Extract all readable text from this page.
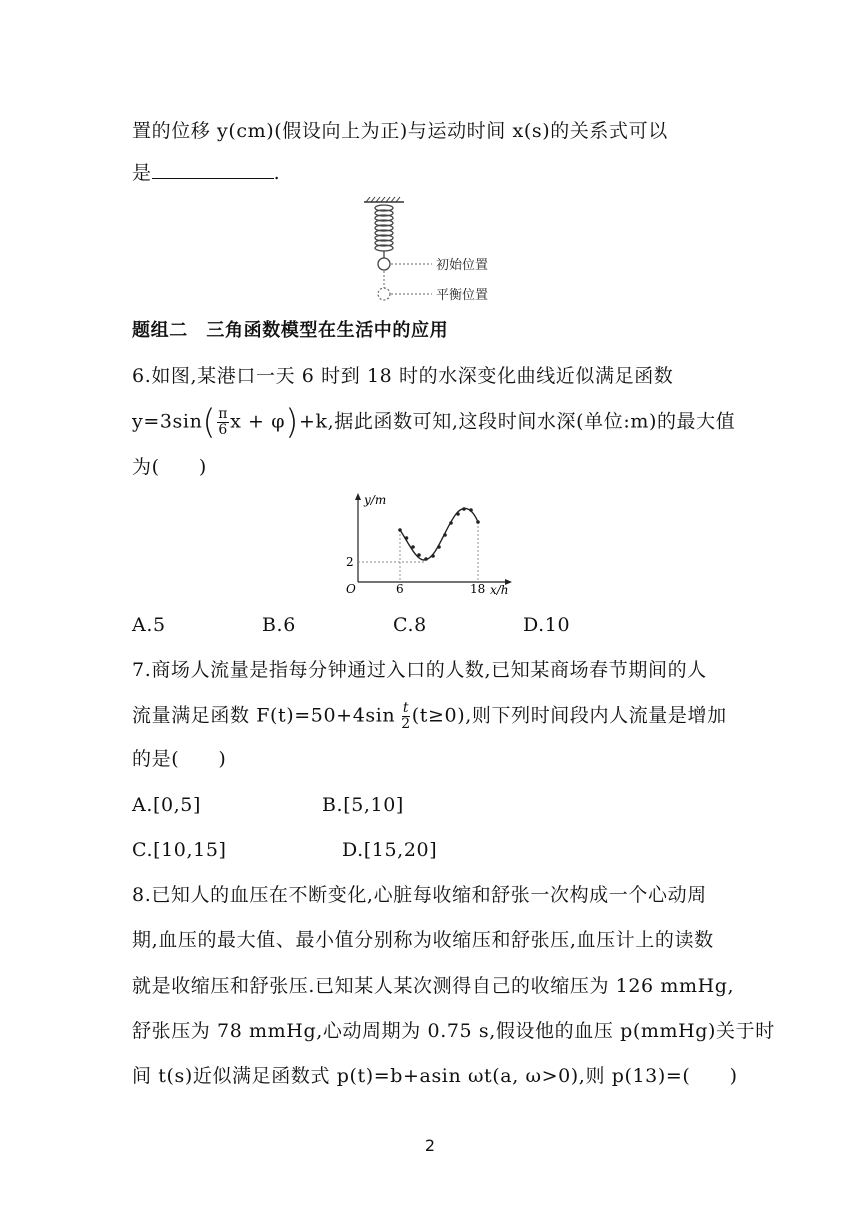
置的位移 y(cm)(假设向上为正)与运动时间 x(s)的关系式可以
是	.
初始位置
平衡位置
题组二　三角函数模型在生活中的应用
6.如图,某港口一天 6 时到 18 时的水深变化曲线近似满足函数
$y=3\sin( \frac{\pi}{6}$ x + φ)+k,据此函数可知,这段时间水深(单位:m)的最大值
为(　　)
y/m
x/h
O	6	18
2
A.5	B.6	C.8	D.10
7.商场人流量是指每分钟通过入口的人数,已知某商场春节期间的人
流量满足函数 $F(t)=50+4\sin \frac{t}{2} (t\ge 0)$,则下列时间段内人流量是增加
的是(　　)
A.[0,5]	B.[5,10]
C.[10,15]	D.[15,20]
8.已知人的血压在不断变化,心脏每收缩和舒张一次构成一个心动周
期,血压的最大值、最小值分别称为收缩压和舒张压,血压计上的读数
就是收缩压和舒张压.已知某人某次测得自己的收缩压为 126 mmHg,
舒张压为 78 mmHg,心动周期为 0.75 s,假设他的血压 p(mmHg)关于时
间 t(s)近似满足函数式 p(t)=b+asin ωt(a, ω>0),则 p(13)=(　　)
2
